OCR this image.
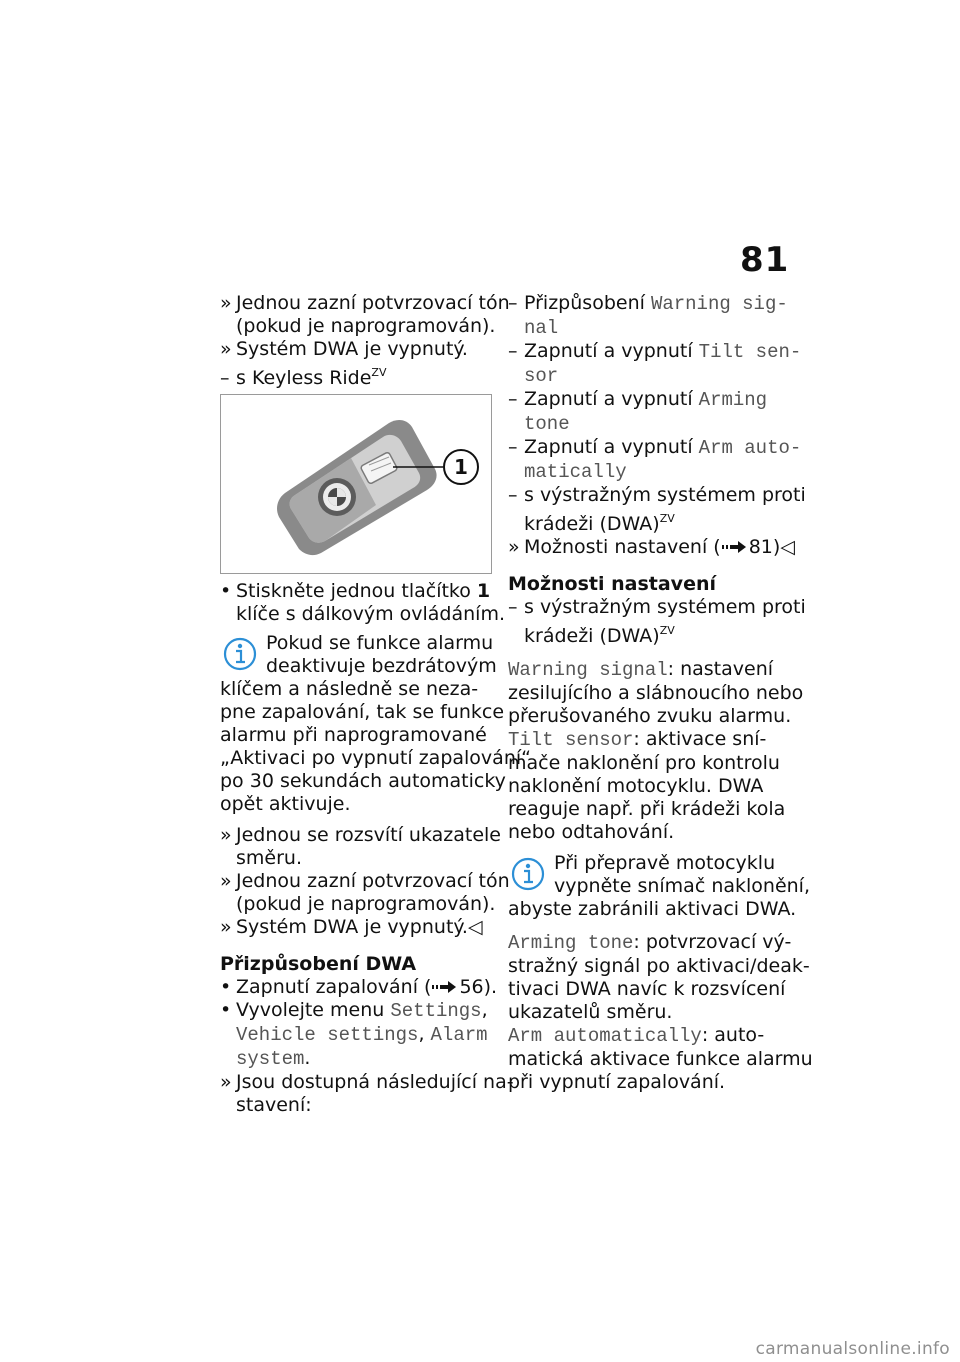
81
» Jednou zazní potvrzovací tón
(pokud je naprogramován).
» Systém DWA je vypnutý.
– s Keyless Ride$^{ZV}$
1
• Stiskněte jednou tlačítko 1
klíče s dálkovým ovládáním.
Pokud se funkce alarmu
deaktivuje bezdrátovým
klíčem a následně se neza-
pne zapalování, tak se funkce
alarmu při naprogramované
„Aktivaci po vypnutí zapalování“
po 30 sekundách automaticky
opět aktivuje.
» Jednou se rozsvítí ukazatele
směru.
» Jednou zazní potvrzovací tón
(pokud je naprogramován).
» Systém DWA je vypnutý.◁
Přizpůsobení DWA
• Zapnutí zapalování ( 56).
• Vyvolejte menu Settings,
Vehicle settings, Alarm
system.
» Jsou dostupná následující na-
stavení:
– Přizpůsobení Warning sig-
nal
– Zapnutí a vypnutí Tilt sen-
sor
– Zapnutí a vypnutí Arming
tone
– Zapnutí a vypnutí Arm auto-
matically
– s výstražným systémem proti
krádeži (DWA)$^{ZV}$
» Možnosti nastavení ( 81)◁
Možnosti nastavení
– s výstražným systémem proti
krádeži (DWA)$^{ZV}$
Warning signal: nastavení
zesilujícího a slábnoucího nebo
přerušovaného zvuku alarmu.
Tilt sensor: aktivace sní-
mače naklonění pro kontrolu
naklonění motocyklu. DWA
reaguje např. při krádeži kola
nebo odtahování.
Při přepravě motocyklu
vypněte snímač naklonění,
abyste zabránili aktivaci DWA.
Arming tone: potvrzovací vý-
stražný signál po aktivaci/deak-
tivaci DWA navíc k rozsvícení
ukazatelů směru.
Arm automatically: auto-
matická aktivace funkce alarmu
při vypnutí zapalování.
carmanualsonline.info
